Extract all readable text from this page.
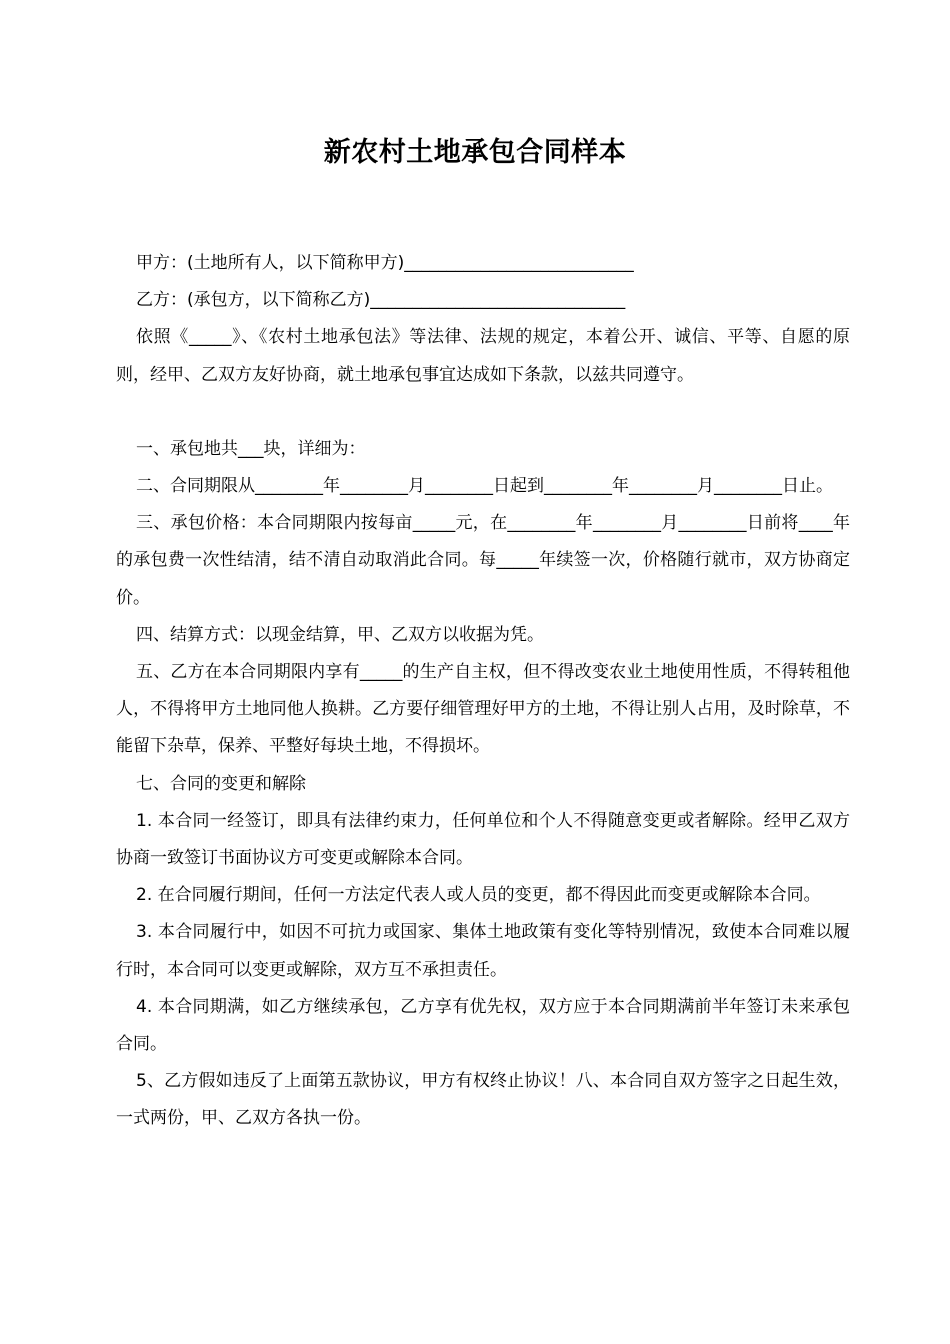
新农村土地承包合同样本

甲方：(土地所有人，以下简称甲方)___________________________

乙方：(承包方，以下简称乙方)______________________________

依照《_____》、《农村土地承包法》等法律、法规的规定，本着公开、诚信、平等、自愿的原则，经甲、乙双方友好协商，就土地承包事宜达成如下条款，以兹共同遵守。

一、承包地共___块，详细为：

二、合同期限从________年________月________日起到________年________月________日止。

三、承包价格：本合同期限内按每亩_____元，在________年________月________日前将____年的承包费一次性结清，结不清自动取消此合同。每_____年续签一次，价格随行就市，双方协商定价。

四、结算方式：以现金结算，甲、乙双方以收据为凭。

五、乙方在本合同期限内享有_____的生产自主权，但不得改变农业土地使用性质，不得转租他人，不得将甲方土地同他人换耕。乙方要仔细管理好甲方的土地，不得让别人占用，及时除草，不能留下杂草，保养、平整好每块土地，不得损坏。

七、合同的变更和解除

1. 本合同一经签订，即具有法律约束力，任何单位和个人不得随意变更或者解除。经甲乙双方协商一致签订书面协议方可变更或解除本合同。

2. 在合同履行期间，任何一方法定代表人或人员的变更，都不得因此而变更或解除本合同。

3. 本合同履行中，如因不可抗力或国家、集体土地政策有变化等特别情况，致使本合同难以履行时，本合同可以变更或解除，双方互不承担责任。

4. 本合同期满，如乙方继续承包，乙方享有优先权，双方应于本合同期满前半年签订未来承包合同。

5、乙方假如违反了上面第五款协议，甲方有权终止协议！八、本合同自双方签字之日起生效，一式两份，甲、乙双方各执一份。
